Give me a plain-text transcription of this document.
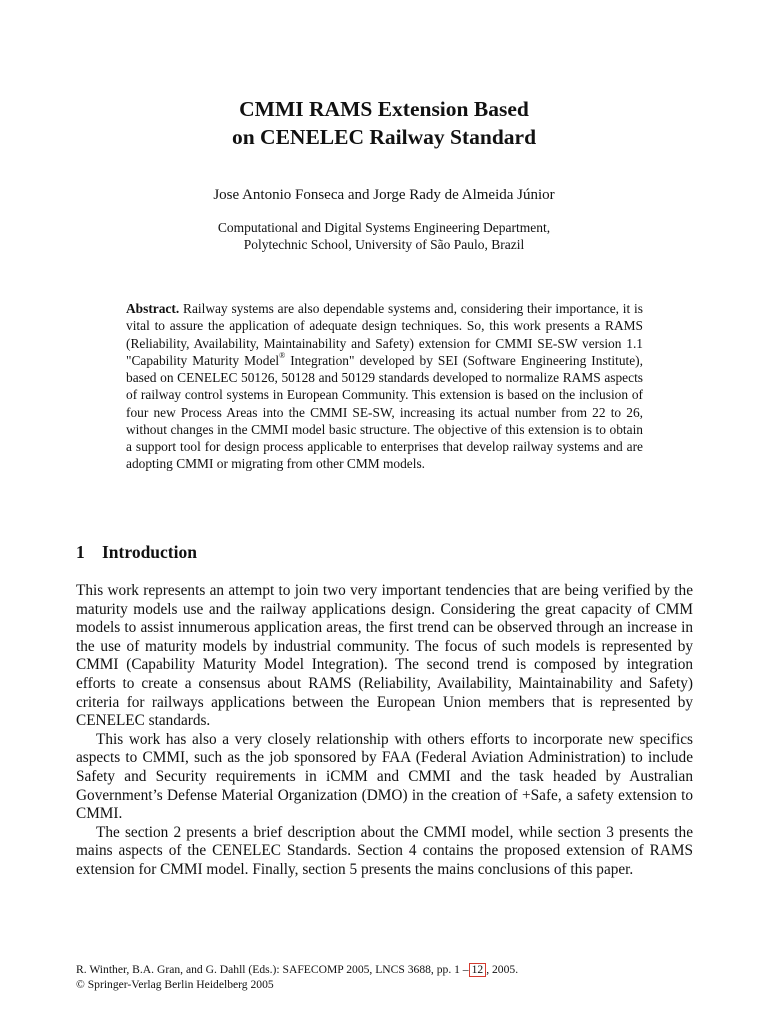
CMMI RAMS Extension Based
on CENELEC Railway Standard

Jose Antonio Fonseca and Jorge Rady de Almeida Júnior

Computational and Digital Systems Engineering Department,
Polytechnic School, University of São Paulo, Brazil

Abstract. Railway systems are also dependable systems and, considering their importance, it is vital to assure the application of adequate design techniques. So, this work presents a RAMS (Reliability, Availability, Maintainability and Safety) extension for CMMI SE-SW version 1.1 "Capability Maturity Model® Integration" developed by SEI (Software Engineering Institute), based on CENELEC 50126, 50128 and 50129 standards developed to normalize RAMS aspects of railway control systems in European Community. This extension is based on the inclusion of four new Process Areas into the CMMI SE-SW, increasing its actual number from 22 to 26, without changes in the CMMI model basic structure. The objective of this extension is to obtain a support tool for design process applicable to enterprises that develop railway systems and are adopting CMMI or migrating from other CMM models.

1 Introduction

This work represents an attempt to join two very important tendencies that are being verified by the maturity models use and the railway applications design. Considering the great capacity of CMM models to assist innumerous application areas, the first trend can be observed through an increase in the use of maturity models by industrial community. The focus of such models is represented by CMMI (Capability Maturity Model Integration). The second trend is composed by integration efforts to create a consensus about RAMS (Reliability, Availability, Maintainability and Safety) criteria for railways applications between the European Union members that is represented by CENELEC standards.

This work has also a very closely relationship with others efforts to incorporate new specifics aspects to CMMI, such as the job sponsored by FAA (Federal Aviation Administration) to include Safety and Security requirements in iCMM and CMMI and the task headed by Australian Government’s Defense Material Organization (DMO) in the creation of +Safe, a safety extension to CMMI.

The section 2 presents a brief description about the CMMI model, while section 3 presents the mains aspects of the CENELEC Standards. Section 4 contains the proposed extension of RAMS extension for CMMI model. Finally, section 5 presents the mains conclusions of this paper.

R. Winther, B.A. Gran, and G. Dahll (Eds.): SAFECOMP 2005, LNCS 3688, pp. 1 – 12 , 2005.
© Springer-Verlag Berlin Heidelberg 2005
